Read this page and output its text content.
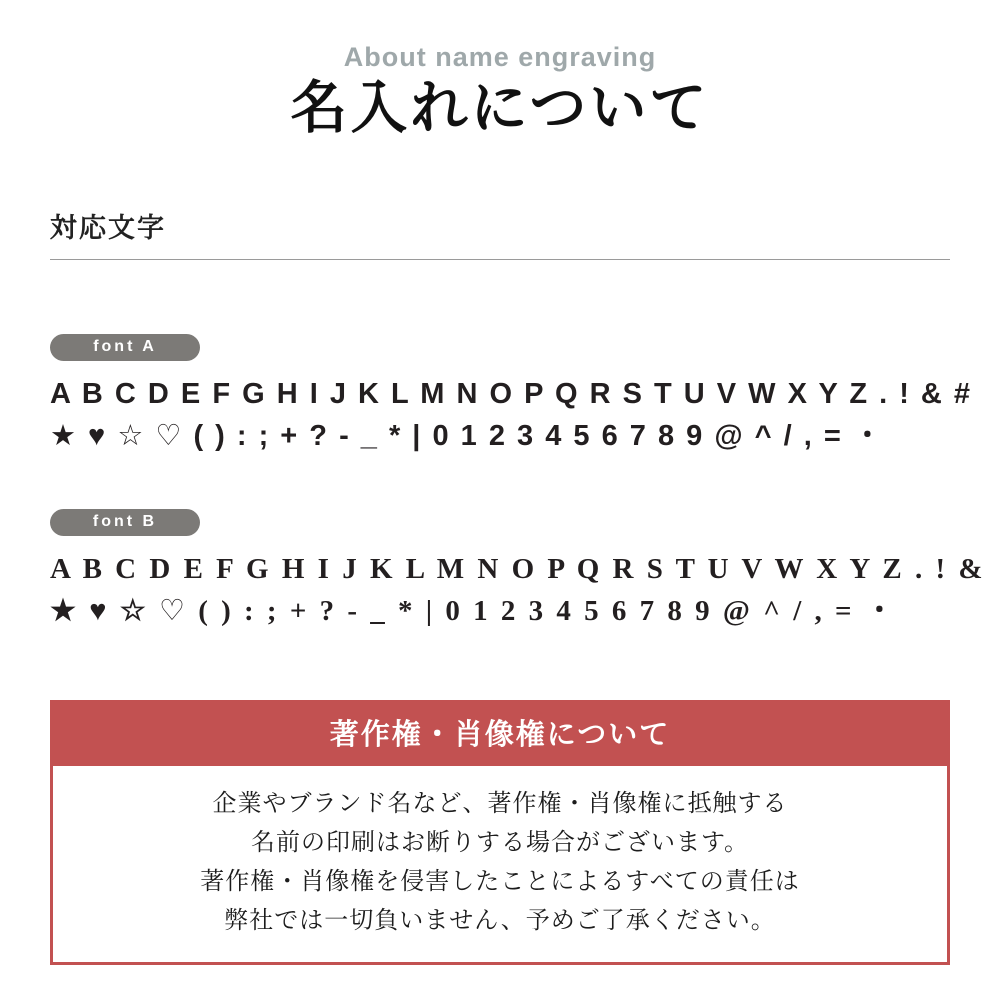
About name engraving
名入れについて
対応文字
font A
A B C D E F G H I J K L M N O P Q R S T U V W X Y Z . ! & #
★ ♥ ☆ ♡ ( ) : ; + ? - _ * | 0 1 2 3 4 5 6 7 8 9 @ ^ / , = ・
font B
A B C D E F G H I J K L M N O P Q R S T U V W X Y Z . ! &
★ ♥ ☆ ♡ ( ) : ; + ? - _ * | 0 1 2 3 4 5 6 7 8 9 @ ^ / , = ・
著作権・肖像権について

企業やブランド名など、著作権・肖像権に抵触する

名前の印刷はお断りする場合がございます。

著作権・肖像権を侵害したことによるすべての責任は

弊社では一切負いません、予めご了承ください。
